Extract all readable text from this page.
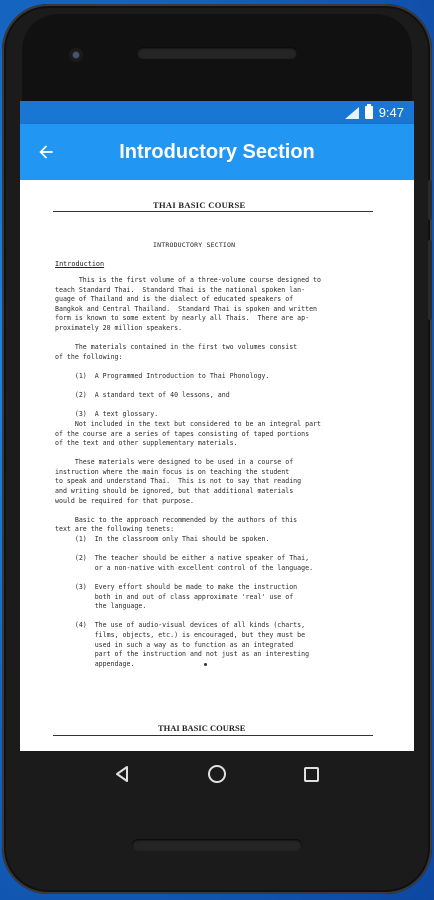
9:47
Introductory Section
THAI BASIC COURSE
INTRODUCTORY SECTION
Introduction
This is the first volume of a three-volume course designed to
teach Standard Thai.  Standard Thai is the national spoken lan-
guage of Thailand and is the dialect of educated speakers of
Bangkok and Central Thailand.  Standard Thai is spoken and written
form is known to some extent by nearly all Thais.  There are ap-
proximately 20 million speakers.

The materials contained in the first two volumes consist
of the following:

(1)  A Programmed Introduction to Thai Phonology.

(2)  A standard text of 40 lessons, and

(3)  A text glossary.
Not included in the text but considered to be an integral part
of the course are a series of tapes consisting of taped portions
of the text and other supplementary materials.

These materials were designed to be used in a course of
instruction where the main focus is on teaching the student
to speak and understand Thai.  This is not to say that reading
and writing should be ignored, but that additional materials
would be required for that purpose.

Basic to the approach recommended by the authors of this
text are the following tenets:
(1)  In the classroom only Thai should be spoken.

(2)  The teacher should be either a native speaker of Thai,
or a non-native with excellent control of the language.

(3)  Every effort should be made to make the instruction
both in and out of class approximate 'real' use of
the language.

(4)  The use of audio-visual devices of all kinds (charts,
films, objects, etc.) is encouraged, but they must be
used in such a way as to function as an integrated
part of the instruction and not just as an interesting
appendage.
THAI BASIC COURSE
